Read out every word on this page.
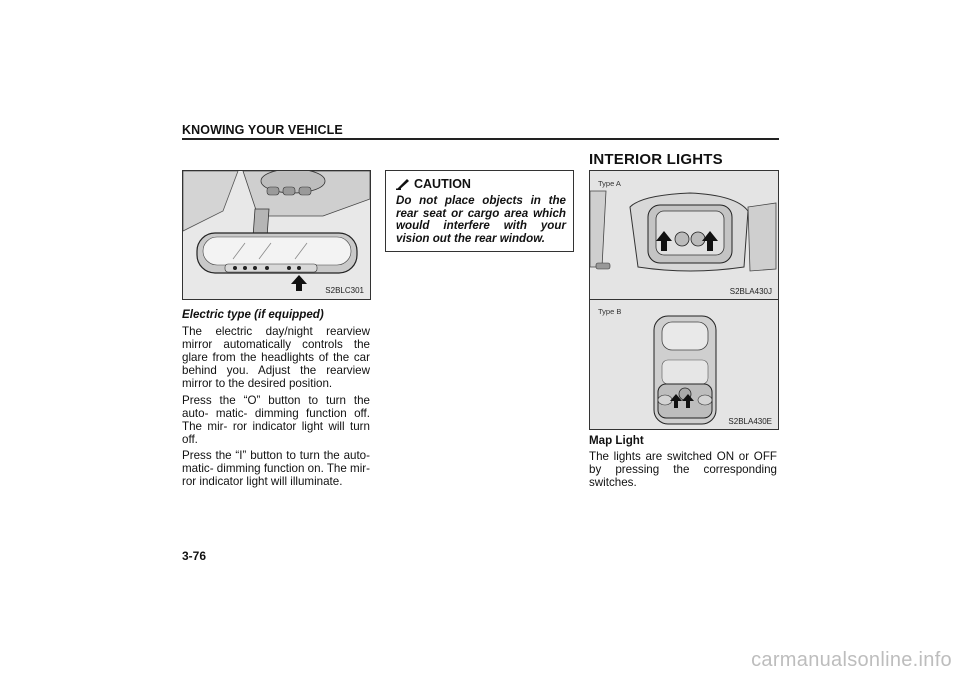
KNOWING YOUR VEHICLE
S2BLC301
Electric type (if equipped)

The electric day/night rearview mirror automatically controls the glare from the headlights of the car behind you. Adjust the rearview mirror to the desired position.

Press the “O” button to turn the auto- matic- dimming function off. The mir- ror indicator light will turn off.

Press the “I” button to turn the auto- matic- dimming function on. The mir- ror indicator light will illuminate.

CAUTION
Do not place objects in the rear seat or cargo area which would interfere with your vision out the rear window.
INTERIOR LIGHTS
Type A
S2BLA430J
Type B
S2BLA430E
Map Light
The lights are switched ON or OFF by pressing the corresponding switches.
3-76
carmanualsonline.info
